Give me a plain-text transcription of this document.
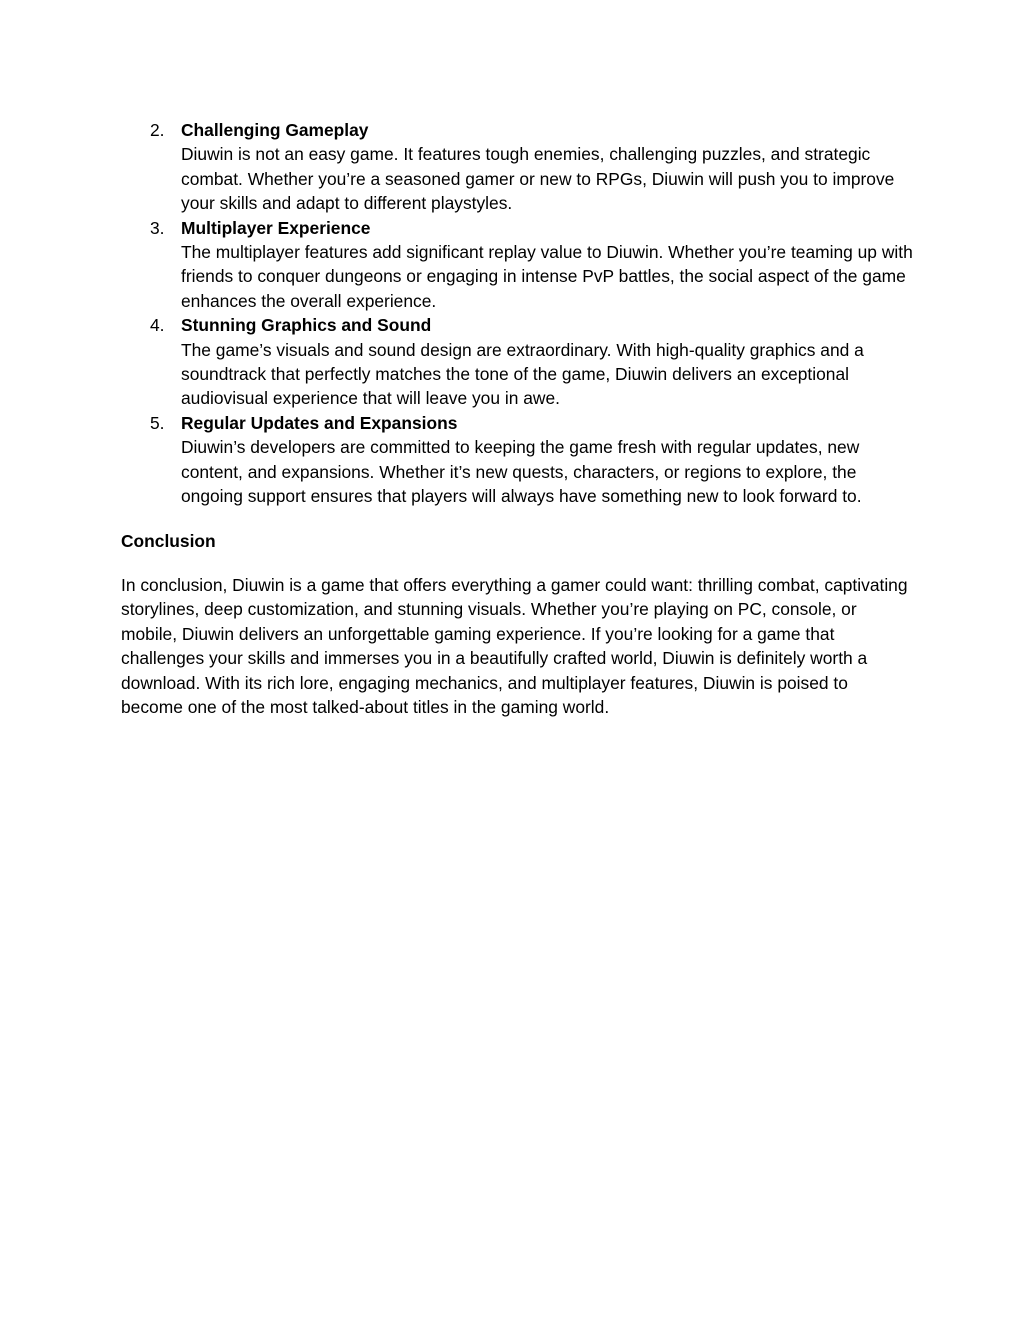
2. Challenging Gameplay
Diuwin is not an easy game. It features tough enemies, challenging puzzles, and strategic combat. Whether you’re a seasoned gamer or new to RPGs, Diuwin will push you to improve your skills and adapt to different playstyles.
3. Multiplayer Experience
The multiplayer features add significant replay value to Diuwin. Whether you’re teaming up with friends to conquer dungeons or engaging in intense PvP battles, the social aspect of the game enhances the overall experience.
4. Stunning Graphics and Sound
The game’s visuals and sound design are extraordinary. With high-quality graphics and a soundtrack that perfectly matches the tone of the game, Diuwin delivers an exceptional audiovisual experience that will leave you in awe.
5. Regular Updates and Expansions
Diuwin’s developers are committed to keeping the game fresh with regular updates, new content, and expansions. Whether it’s new quests, characters, or regions to explore, the ongoing support ensures that players will always have something new to look forward to.

Conclusion

In conclusion, Diuwin is a game that offers everything a gamer could want: thrilling combat, captivating storylines, deep customization, and stunning visuals. Whether you’re playing on PC, console, or mobile, Diuwin delivers an unforgettable gaming experience. If you’re looking for a game that challenges your skills and immerses you in a beautifully crafted world, Diuwin is definitely worth a download. With its rich lore, engaging mechanics, and multiplayer features, Diuwin is poised to become one of the most talked-about titles in the gaming world.
